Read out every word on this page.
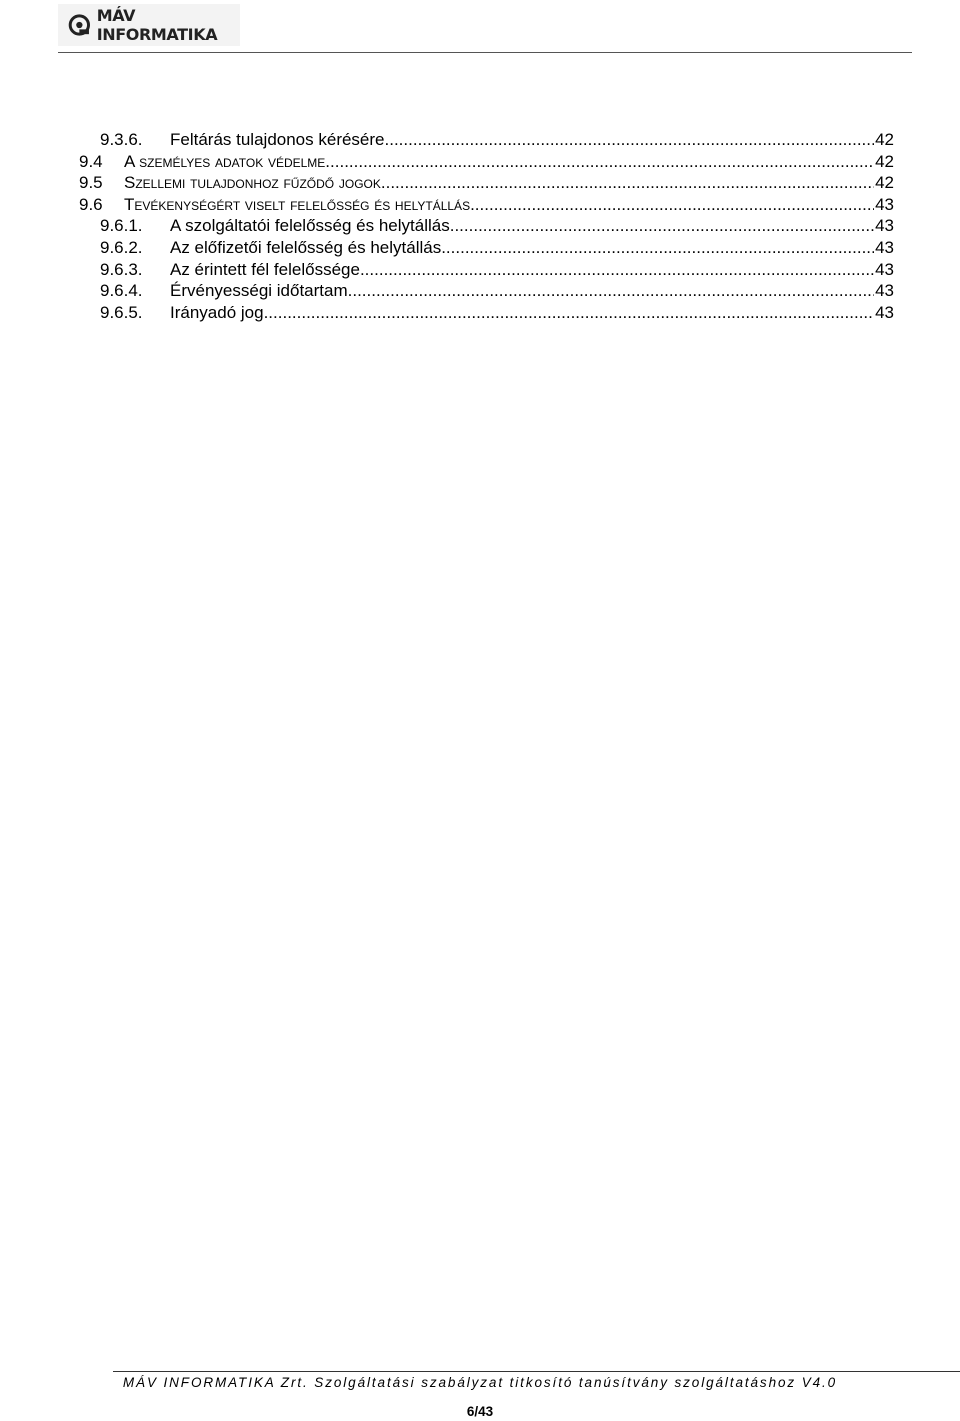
MÁV INFORMATIKA
9.3.6.	Feltárás tulajdonos kérésére .....	42
9.4	A személyes adatok védelme .....	42
9.5	Szellemi tulajdonhoz fűződő jogok .....	42
9.6	Tevékenységért viselt felelősség és helytállás .....	43
9.6.1.	A szolgáltatói felelősség és helytállás .....	43
9.6.2.	Az előfizetői felelősség és helytállás .....	43
9.6.3.	Az érintett fél felelőssége .....	43
9.6.4.	Érvényességi időtartam .....	43
9.6.5.	Irányadó jog .....	43
MÁV INFORMATIKA Zrt. Szolgáltatási szabályzat titkosító tanúsítvány szolgáltatáshoz V4.0
6/43
